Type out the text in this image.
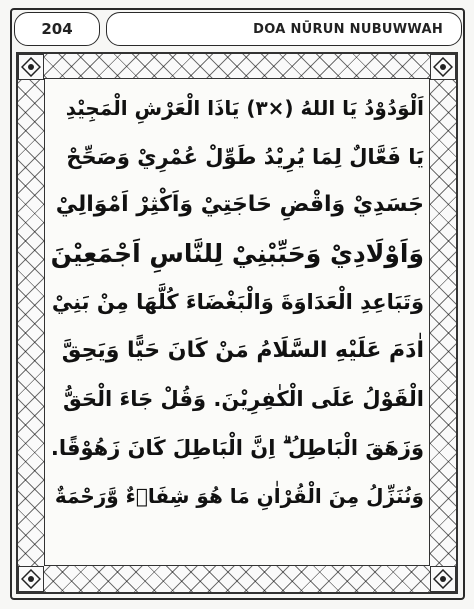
204	DOA NŪRUN NUBUWWAH
اَلْوَدُوْدُ يَا اللهُ (×٣) يَاذَا الْعَرْشِ الْمَجِيْدِ
يَا فَعَّالٌ لِمَا يُرِيْدُ طَوِّلْ عُمْرِيْ وَصَحِّحْ
جَسَدِيْ وَاقْضِ حَاجَتِيْ وَاَكْثِرْ اَمْوَالِيْ
وَاَوْلَادِيْ وَحَبِّبْنِيْ لِلنَّاسِ اَجْمَعِيْنَ
وَتَبَاعِدِ الْعَدَاوَةَ وَالْبَغْضَاءَ كُلَّهَا مِنْ بَنِيْ
اٰدَمَ عَلَيْهِ السَّلَامُ مَنْ كَانَ حَيًّا وَيَحِقَّ
الْقَوْلُ عَلَى الْكٰفِرِيْنَ. وَقُلْ جَاءَ الْحَقُّ
وَزَهَقَ الْبَاطِلُ ۗ اِنَّ الْبَاطِلَ كَانَ زَهُوْقًا.
وَنُنَزِّلُ مِنَ الْقُرْاٰنِ مَا هُوَ شِفَاۤءٌ وَّرَحْمَةٌ
